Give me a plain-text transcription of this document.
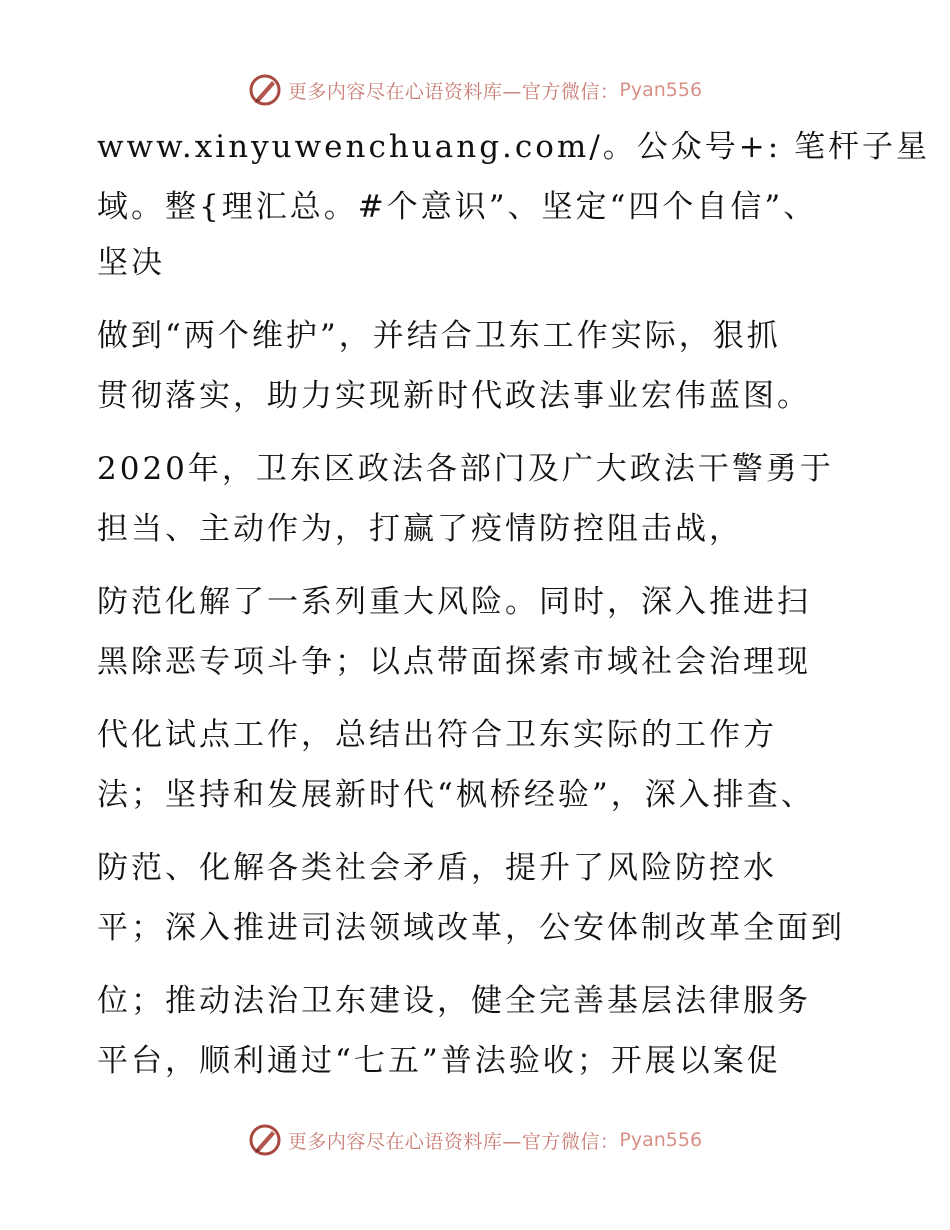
更多内容尽在心语资料库—官方微信： Pyan556
www.xinyuwenchuang.com/。公众号+: 笔杆子星
域。整{理汇总。#个意识”、坚定“四个自信”、
坚决
做到“两个维护”，并结合卫东工作实际，狠抓
贯彻落实，助力实现新时代政法事业宏伟蓝图。
2020年，卫东区政法各部门及广大政法干警勇于
担当、主动作为，打赢了疫情防控阻击战，
防范化解了一系列重大风险。同时，深入推进扫
黑除恶专项斗争；以点带面探索市域社会治理现
代化试点工作，总结出符合卫东实际的工作方
法；坚持和发展新时代“枫桥经验”，深入排查、
防范、化解各类社会矛盾，提升了风险防控水
平；深入推进司法领域改革，公安体制改革全面到
位；推动法治卫东建设，健全完善基层法律服务
平台，顺利通过“七五”普法验收；开展以案促
更多内容尽在心语资料库—官方微信： Pyan556
